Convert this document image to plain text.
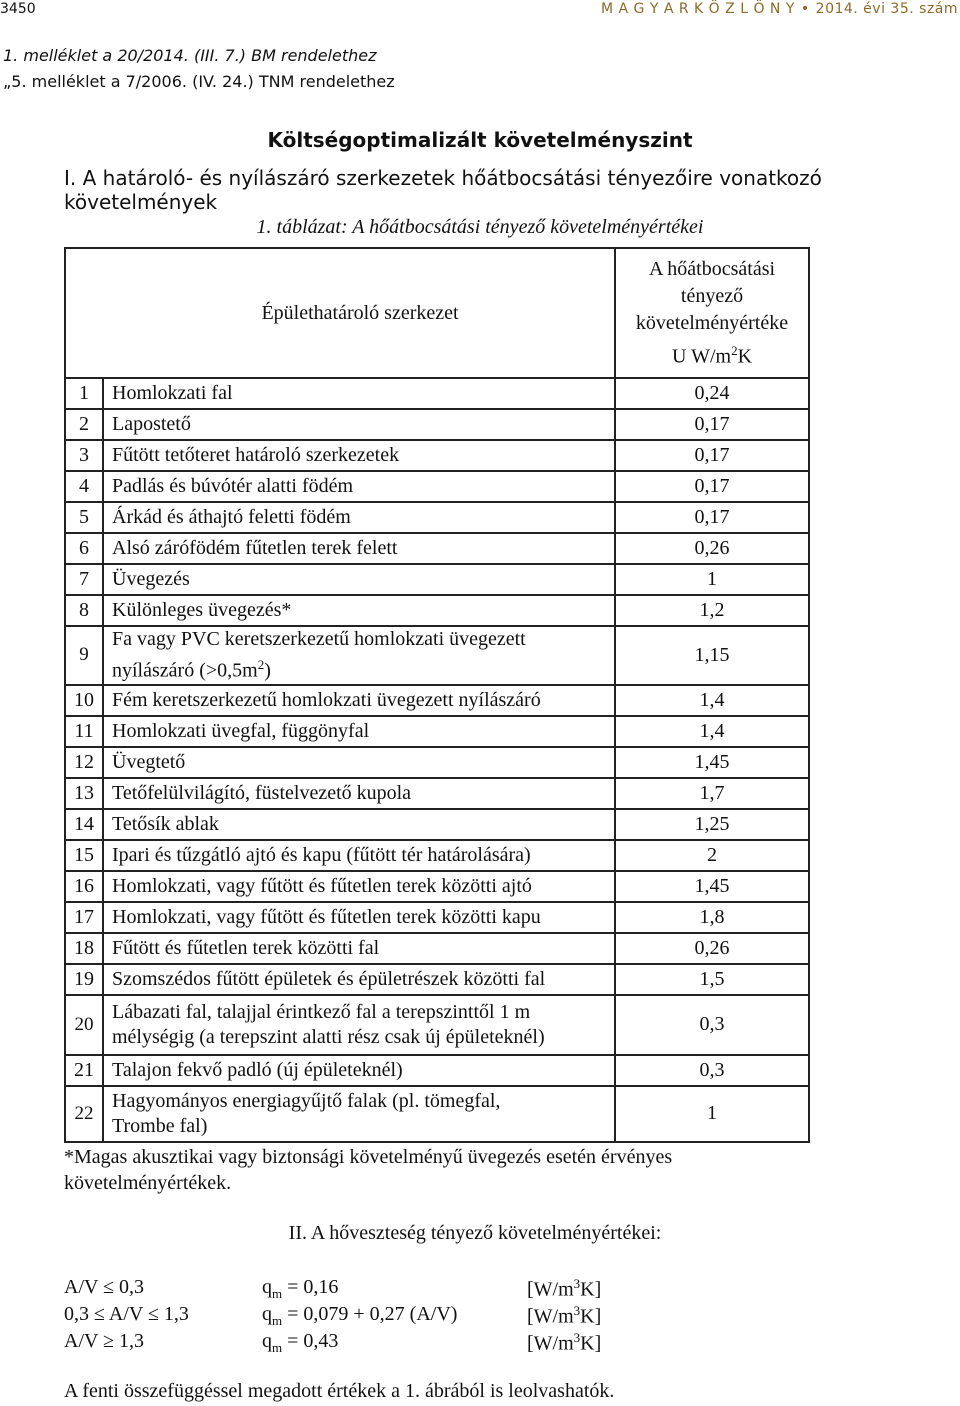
3450	M A G Y A R K Ö Z L Ö N Y • 2014. évi 35. szám
1. melléklet a 20/2014. (III. 7.) BM rendelethez
„5. melléklet a 7/2006. (IV. 24.) TNM rendelethez
Költségoptimalizált követelményszint
I. A határoló- és nyílászáró szerkezetek hőátbocsátási tényezőire vonatkozó követelmények
1. táblázat: A hőátbocsátási tényező követelményértékei
Épülethatároló szerkezet		A hőátbocsátási
tényező
követelményértéke
U $W/m^2K$

1	Homlokzati fal	0,24
2	Lapostető	0,17
3	Fűtött tetőteret határoló szerkezetek	0,17
4	Padlás és búvótér alatti födém	0,17
5	Árkád és áthajtó feletti födém	0,17
6	Alsó zárófödém fűtetlen terek felett	0,26
7	Üvegezés	1
8	Különleges üvegezés*	1,2
9	Fa vagy PVC keretszerkezetű homlokzati üvegezett
nyílászáró $(>0,5m^2)$	1,15
10	Fém keretszerkezetű homlokzati üvegezett nyílászáró	1,4
11	Homlokzati üvegfal, függönyfal	1,4
12	Üvegtető	1,45
13	Tetőfelülvilágító, füstelvezető kupola	1,7
14	Tetősík ablak	1,25
15	Ipari és tűzgátló ajtó és kapu (fűtött tér határolására)	2
16	Homlokzati, vagy fűtött és fűtetlen terek közötti ajtó	1,45
17	Homlokzati, vagy fűtött és fűtetlen terek közötti kapu	1,8
18	Fűtött és fűtetlen terek közötti fal	0,26
19	Szomszédos fűtött épületek és épületrészek közötti fal	1,5
20	Lábazati fal, talajjal érintkező fal a terepszinttől 1 m
mélységig (a terepszint alatti rész csak új épületeknél)	0,3
21	Talajon fekvő padló (új épületeknél)	0,3
22	Hagyományos energiagyűjtő falak (pl. tömegfal,
Trombe fal)	1
*Magas akusztikai vagy biztonsági követelményű üvegezés esetén érvényes
követelményértékek.
II. A hőveszteség tényező követelményértékei:
A/V ≤ 0,3	$q_m = 0,16$	$[W/m^3K]$
0,3 ≤ A/V ≤ 1,3	$q_m = 0,079 + 0,27$ (A/V)	$[W/m^3K]$
A/V ≥ 1,3	$q_m = 0,43$	$[W/m^3K]$
A fenti összefüggéssel megadott értékek a 1. ábrából is leolvashatók.
